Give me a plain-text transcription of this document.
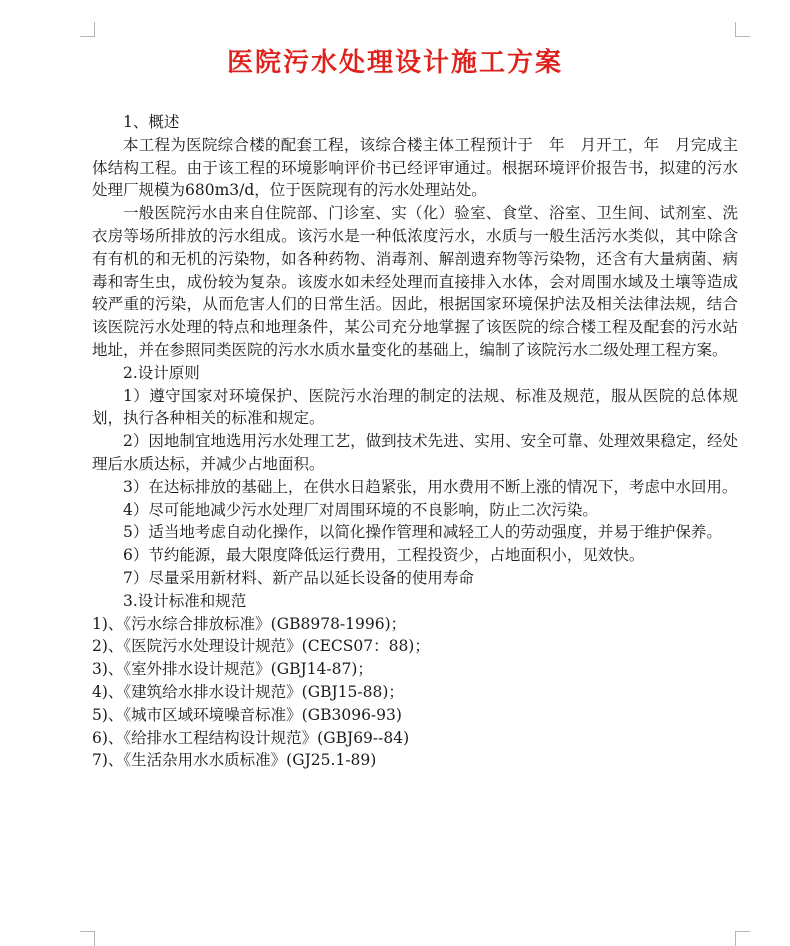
医院污水处理设计施工方案

1、概述

本工程为医院综合楼的配套工程，该综合楼主体工程预计于　年　月开工，年　月完成主体结构工程。由于该工程的环境影响评价书已经评审通过。根据环境评价报告书，拟建的污水处理厂规模为680m3/d，位于医院现有的污水处理站处。

一般医院污水由来自住院部、门诊室、实（化）验室、食堂、浴室、卫生间、试剂室、洗衣房等场所排放的污水组成。该污水是一种低浓度污水，水质与一般生活污水类似，其中除含有有机的和无机的污染物，如各种药物、消毒剂、解剖遗弃物等污染物，还含有大量病菌、病毒和寄生虫，成份较为复杂。该废水如未经处理而直接排入水体，会对周围水域及土壤等造成较严重的污染，从而危害人们的日常生活。因此，根据国家环境保护法及相关法律法规，结合该医院污水处理的特点和地理条件，某公司充分地掌握了该医院的综合楼工程及配套的污水站地址，并在参照同类医院的污水水质水量变化的基础上，编制了该院污水二级处理工程方案。

2.设计原则

1）遵守国家对环境保护、医院污水治理的制定的法规、标准及规范，服从医院的总体规划，执行各种相关的标准和规定。

2）因地制宜地选用污水处理工艺，做到技术先进、实用、安全可靠、处理效果稳定，经处理后水质达标，并减少占地面积。

3）在达标排放的基础上，在供水日趋紧张，用水费用不断上涨的情况下，考虑中水回用。

4）尽可能地减少污水处理厂对周围环境的不良影响，防止二次污染。

5）适当地考虑自动化操作，以简化操作管理和减轻工人的劳动强度，并易于维护保养。

6）节约能源，最大限度降低运行费用，工程投资少，占地面积小，见效快。

7）尽量采用新材料、新产品以延长设备的使用寿命

3.设计标准和规范

1)、《污水综合排放标准》(GB8978-1996)；

2)、《医院污水处理设计规范》(CECS07：88)；

3)、《室外排水设计规范》(GBJ14-87)；

4)、《建筑给水排水设计规范》(GBJ15-88)；

5)、《城市区域环境噪音标准》(GB3096-93)

6)、《给排水工程结构设计规范》(GBJ69--84)

7)、《生活杂用水水质标准》(GJ25.1-89)
